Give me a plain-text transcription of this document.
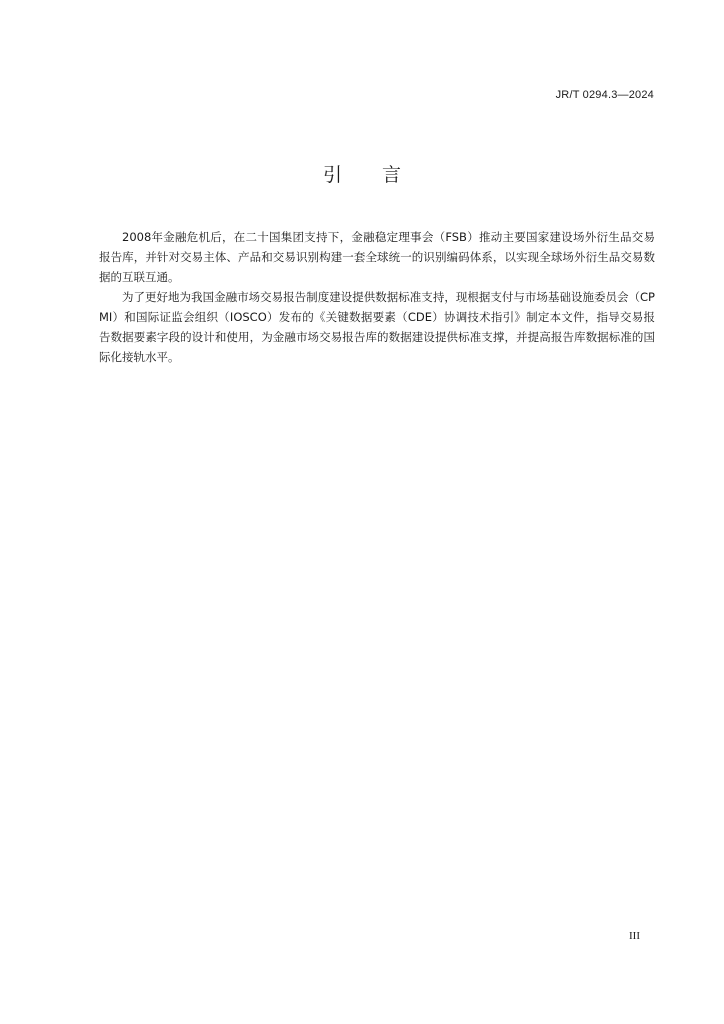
JR/T 0294.3—2024
引 言

2008年金融危机后，在二十国集团支持下，金融稳定理事会（FSB）推动主要国家建设场外衍生品交易报告库，并针对交易主体、产品和交易识别构建一套全球统一的识别编码体系，以实现全球场外衍生品交易数据的互联互通。

为了更好地为我国金融市场交易报告制度建设提供数据标准支持，现根据支付与市场基础设施委员会（CPMI）和国际证监会组织（IOSCO）发布的《关键数据要素（CDE）协调技术指引》制定本文件，指导交易报告数据要素字段的设计和使用，为金融市场交易报告库的数据建设提供标准支撑，并提高报告库数据标准的国际化接轨水平。

III
